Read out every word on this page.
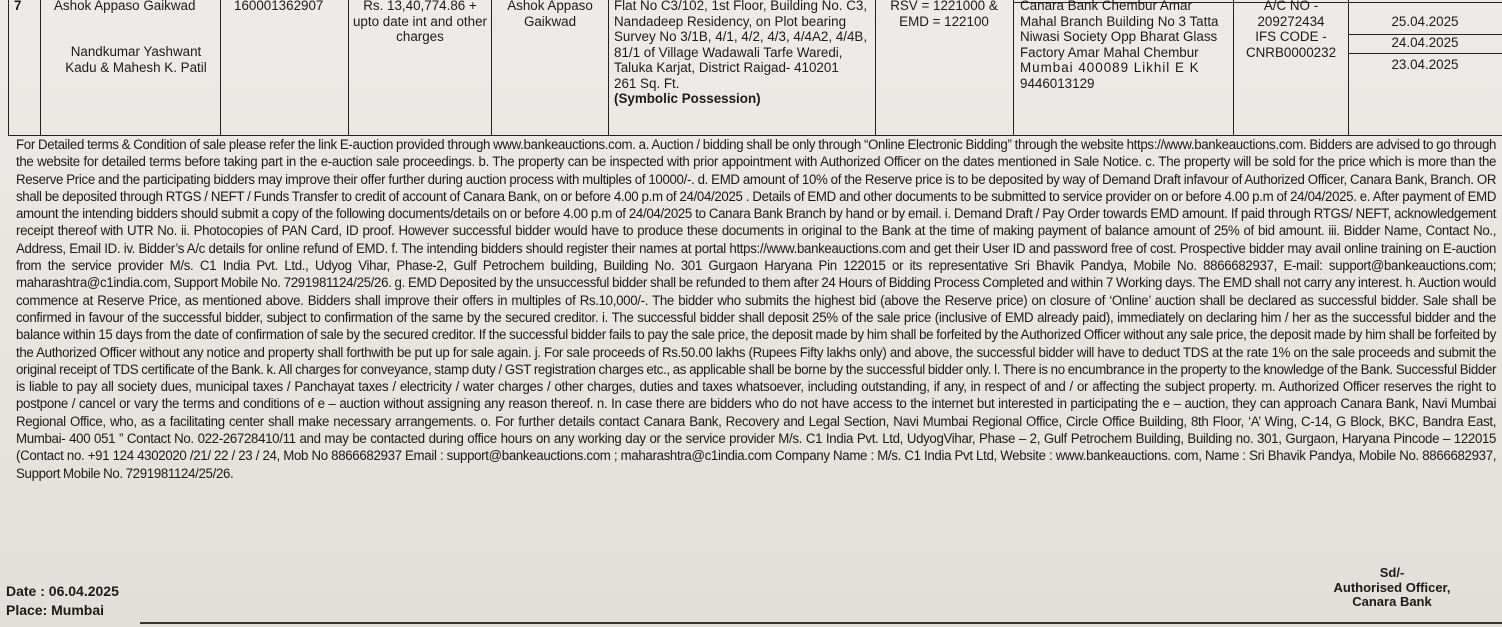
7	Ashok Appaso Gaikwad
Nandkumar Yashwant Kadu & Mahesh K. Patil
160001362907	Rs. 13,40,774.86 + upto date int and other charges
Ashok Appaso Gaikwad
Flat No C3/102, 1st Floor, Building No. C3,
Nandadeep Residency, on Plot bearing
Survey No 3/1B, 4/1, 4/2, 4/3, 4/4A2, 4/4B,
81/1 of Village Wadawali Tarfe Waredi,
Taluka Karjat, District Raigad- 410201
261 Sq. Ft.
(Symbolic Possession)
RSV = 1221000 &
EMD = 122100
Canara Bank Chembur Amar
Mahal Branch Building No 3 Tatta
Niwasi Society Opp Bharat Glass
Factory Amar Mahal Chembur
Mumbai 400089 Likhil E K
9446013129
A/C NO -
209272434
IFS CODE -
CNRB0000232
25.04.2025
24.04.2025
23.04.2025
For Detailed terms & Condition of sale please refer the link E-auction provided through www.bankeauctions.com. a. Auction / bidding shall be only through “Online Electronic Bidding” through the website https://www.bankeauctions.com. Bidders are advised to go through the website for detailed terms before taking part in the e-auction sale proceedings. b. The property can be inspected with prior appointment with Authorized Officer on the dates mentioned in Sale Notice. c. The property will be sold for the price which is more than the Reserve Price and the participating bidders may improve their offer further during auction process with multiples of 10000/-. d. EMD amount of 10% of the Reserve price is to be deposited by way of Demand Draft infavour of Authorized Officer, Canara Bank, Branch. OR shall be deposited through RTGS / NEFT / Funds Transfer to credit of account of Canara Bank, on or before 4.00 p.m of 24/04/2025 . Details of EMD and other documents to be submitted to service provider on or before 4.00 p.m of 24/04/2025. e. After payment of EMD amount the intending bidders should submit a copy of the following documents/details on or before 4.00 p.m of 24/04/2025 to Canara Bank Branch by hand or by email. i. Demand Draft / Pay Order towards EMD amount. If paid through RTGS/ NEFT, acknowledgement receipt thereof with UTR No. ii. Photocopies of PAN Card, ID proof. However successful bidder would have to produce these documents in original to the Bank at the time of making payment of balance amount of 25% of bid amount. iii. Bidder Name, Contact No., Address, Email ID. iv. Bidder’s A/c details for online refund of EMD. f. The intending bidders should register their names at portal https://www.bankeauctions.com and get their User ID and password free of cost. Prospective bidder may avail online training on E-auction from the service provider M/s. C1 India Pvt. Ltd., Udyog Vihar, Phase-2, Gulf Petrochem building, Building No. 301 Gurgaon Haryana Pin 122015 or its representative Sri Bhavik Pandya, Mobile No. 8866682937, E-mail: support@bankeauctions.com; maharashtra@c1india.com, Support Mobile No. 7291981124/25/26. g. EMD Deposited by the unsuccessful bidder shall be refunded to them after 24 Hours of Bidding Process Completed and within 7 Working days. The EMD shall not carry any interest. h. Auction would commence at Reserve Price, as mentioned above. Bidders shall improve their offers in multiples of Rs.10,000/-. The bidder who submits the highest bid (above the Reserve price) on closure of ‘Online’ auction shall be declared as successful bidder. Sale shall be confirmed in favour of the successful bidder, subject to confirmation of the same by the secured creditor. i. The successful bidder shall deposit 25% of the sale price (inclusive of EMD already paid), immediately on declaring him / her as the successful bidder and the balance within 15 days from the date of confirmation of sale by the secured creditor. If the successful bidder fails to pay the sale price, the deposit made by him shall be forfeited by the Authorized Officer without any sale price, the deposit made by him shall be forfeited by the Authorized Officer without any notice and property shall forthwith be put up for sale again. j. For sale proceeds of Rs.50.00 lakhs (Rupees Fifty lakhs only) and above, the successful bidder will have to deduct TDS at the rate 1% on the sale proceeds and submit the original receipt of TDS certificate of the Bank. k. All charges for conveyance, stamp duty / GST registration charges etc., as applicable shall be borne by the successful bidder only. l. There is no encumbrance in the property to the knowledge of the Bank. Successful Bidder is liable to pay all society dues, municipal taxes / Panchayat taxes / electricity / water charges / other charges, duties and taxes whatsoever, including outstanding, if any, in respect of and / or affecting the subject property. m. Authorized Officer reserves the right to postpone / cancel or vary the terms and conditions of e – auction without assigning any reason thereof. n. In case there are bidders who do not have access to the internet but interested in participating the e – auction, they can approach Canara Bank, Navi Mumbai Regional Office, who, as a facilitating center shall make necessary arrangements. o. For further details contact Canara Bank, Recovery and Legal Section, Navi Mumbai Regional Office, Circle Office Building, 8th Floor, ‘A’ Wing, C-14, G Block, BKC, Bandra East, Mumbai- 400 051 ” Contact No. 022-26728410/11 and may be contacted during office hours on any working day or the service provider M/s. C1 India Pvt. Ltd, UdyogVihar, Phase – 2, Gulf Petrochem Building, Building no. 301, Gurgaon, Haryana Pincode – 122015 (Contact no. +91 124 4302020 /21/ 22 / 23 / 24, Mob No 8866682937 Email : support@bankeauctions.com ; maharashtra@c1india.com Company Name : M/s. C1 India Pvt Ltd, Website : www.bankeauctions. com, Name : Sri Bhavik Pandya, Mobile No. 8866682937, Support Mobile No. 7291981124/25/26.
Date : 06.04.2025
Place: Mumbai
Sd/-
Authorised Officer,
Canara Bank
